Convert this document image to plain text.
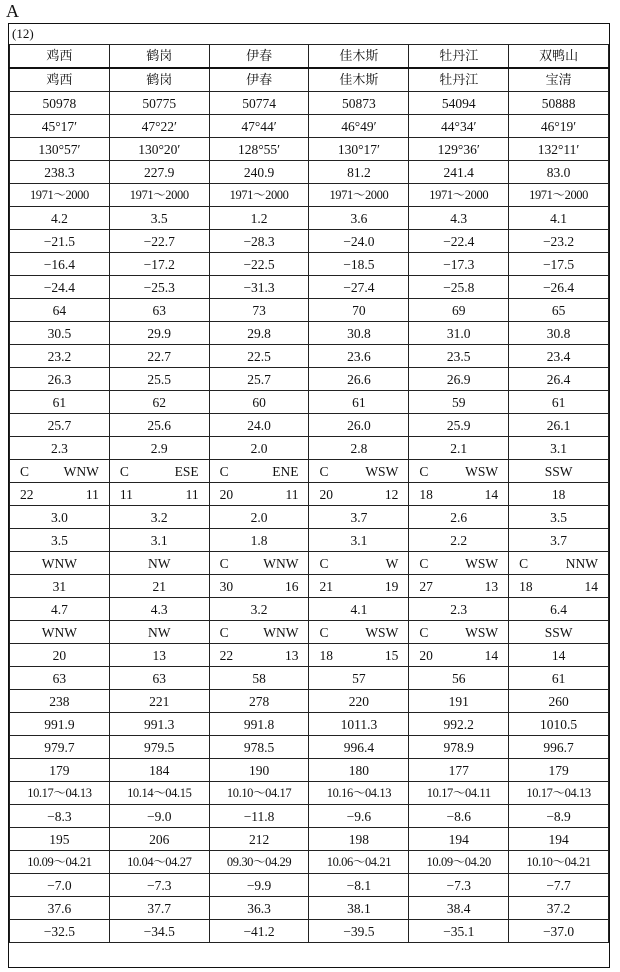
A
(12)
鸡西	鹤岗	伊春	佳木斯	牡丹江	双鸭山
鸡西	鹤岗	伊春	佳木斯	牡丹江	宝清
50978	50775	50774	50873	54094	50888
45°17′	47°22′	47°44′	46°49′	44°34′	46°19′
130°57′	130°20′	128°55′	130°17′	129°36′	132°11′
238.3	227.9	240.9	81.2	241.4	83.0
1971～2000	1971～2000	1971～2000	1971～2000	1971～2000	1971～2000
4.2	3.5	1.2	3.6	4.3	4.1
−21.5	−22.7	−28.3	−24.0	−22.4	−23.2
−16.4	−17.2	−22.5	−18.5	−17.3	−17.5
−24.4	−25.3	−31.3	−27.4	−25.8	−26.4
64	63	73	70	69	65
30.5	29.9	29.8	30.8	31.0	30.8
23.2	22.7	22.5	23.6	23.5	23.4
26.3	25.5	25.7	26.6	26.9	26.4
61	62	60	61	59	61
25.7	25.6	24.0	26.0	25.9	26.1
2.3	2.9	2.0	2.8	2.1	3.1

C WNW	C ESE	C ENE	C WSW	C WSW	SSW

22 11	11 11	20 11	20 12	18 14	18
3.0	3.2	2.0	3.7	2.6	3.5
3.5	3.1	1.8	3.1	2.2	3.7
WNW	NW	C WNW	C W	C WSW	C NNW

31	21	30 16	21 19	27 13	18 14

4.7	4.3	3.2	4.1	2.3	6.4
WNW	NW	C WNW	C WSW	C WSW	SSW
20	13	22 13	18 15	20 14	14
63	63	58	57	56	61
238	221	278	220	191	260
991.9	991.3	991.8	1011.3	992.2	1010.5
979.7	979.5	978.5	996.4	978.9	996.7
179	184	190	180	177	179
10.17～04.13	10.14～04.15	10.10～04.17	10.16～04.13	10.17～04.11	10.17～04.13
−8.3	−9.0	−11.8	−9.6	−8.6	−8.9
195	206	212	198	194	194
10.09～04.21	10.04～04.27	09.30～04.29	10.06～04.21	10.09～04.20	10.10～04.21
−7.0	−7.3	−9.9	−8.1	−7.3	−7.7
37.6	37.7	36.3	38.1	38.4	37.2
−32.5	−34.5	−41.2	−39.5	−35.1	−37.0
